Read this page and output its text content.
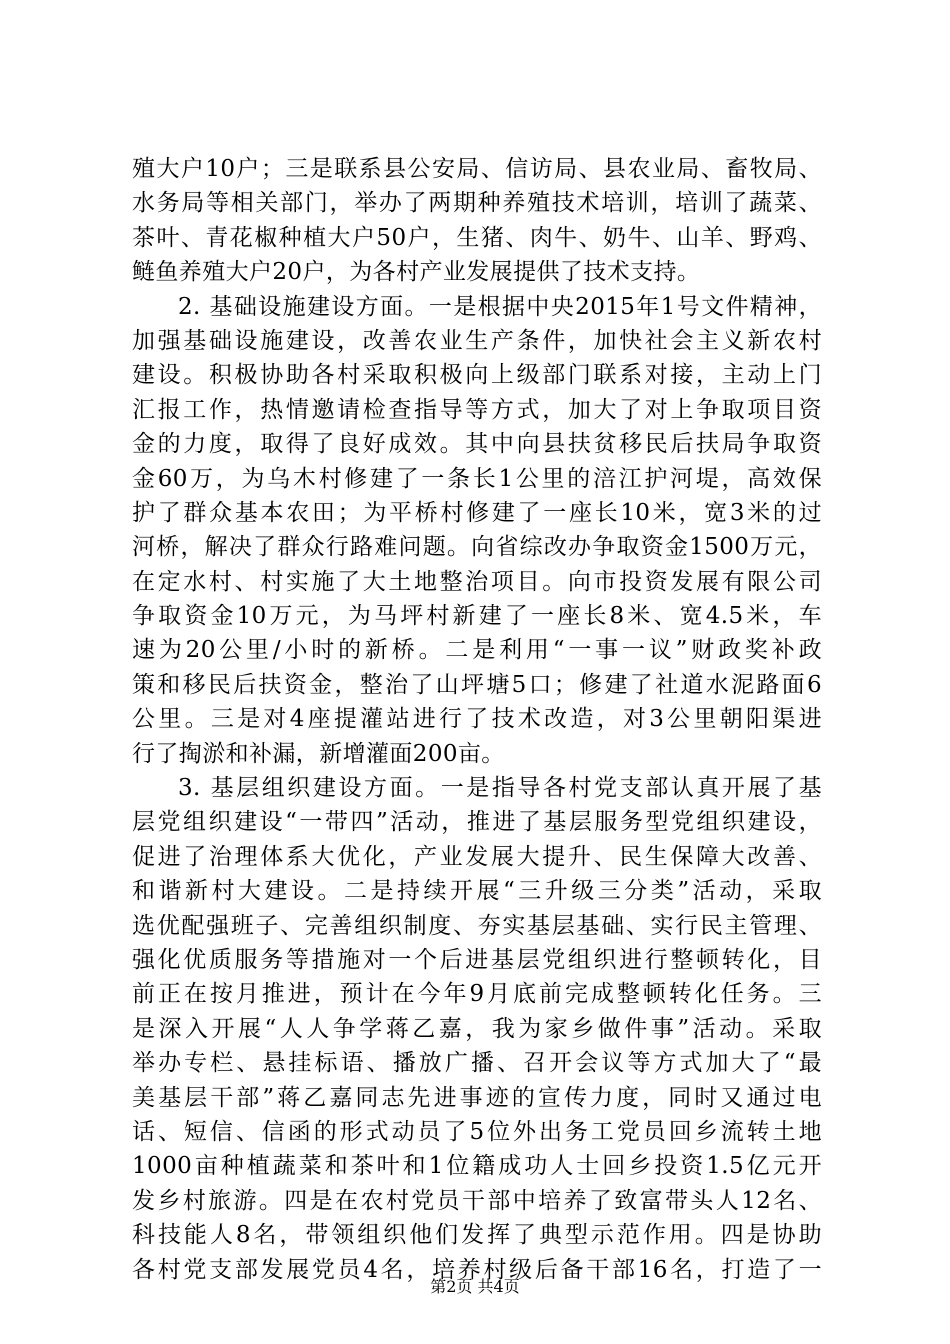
殖大户10户；三是联系县公安局、信访局、县农业局、畜牧局、
水务局等相关部门，举办了两期种养殖技术培训，培训了蔬菜、
茶叶、青花椒种植大户50户，生猪、肉牛、奶牛、山羊、野鸡、
鲢鱼养殖大户20户，为各村产业发展提供了技术支持。
2. 基础设施建设方面。一是根据中央2015年1号文件精神，
加强基础设施建设，改善农业生产条件，加快社会主义新农村
建设。积极协助各村采取积极向上级部门联系对接，主动上门
汇报工作，热情邀请检查指导等方式，加大了对上争取项目资
金的力度，取得了良好成效。其中向县扶贫移民后扶局争取资
金60万，为乌木村修建了一条长1公里的涪江护河堤，高效保
护了群众基本农田；为平桥村修建了一座长10米，宽3米的过
河桥，解决了群众行路难问题。向省综改办争取资金1500万元，
在定水村、村实施了大土地整治项目。向市投资发展有限公司
争取资金10万元，为马坪村新建了一座长8米、宽4.5米，车
速为20公里/小时的新桥。二是利用“一事一议”财政奖补政
策和移民后扶资金，整治了山坪塘5口；修建了社道水泥路面6
公里。三是对4座提灌站进行了技术改造，对3公里朝阳渠进
行了掏淤和补漏，新增灌面200亩。
3. 基层组织建设方面。一是指导各村党支部认真开展了基
层党组织建设“一带四”活动，推进了基层服务型党组织建设，
促进了治理体系大优化，产业发展大提升、民生保障大改善、
和谐新村大建设。二是持续开展“三升级三分类”活动，采取
选优配强班子、完善组织制度、夯实基层基础、实行民主管理、
强化优质服务等措施对一个后进基层党组织进行整顿转化，目
前正在按月推进，预计在今年9月底前完成整顿转化任务。三
是深入开展“人人争学蒋乙嘉，我为家乡做件事”活动。采取
举办专栏、悬挂标语、播放广播、召开会议等方式加大了“最
美基层干部”蒋乙嘉同志先进事迹的宣传力度，同时又通过电
话、短信、信函的形式动员了5位外出务工党员回乡流转土地
1000亩种植蔬菜和茶叶和1位籍成功人士回乡投资1.5亿元开
发乡村旅游。四是在农村党员干部中培养了致富带头人12名、
科技能人8名，带领组织他们发挥了典型示范作用。四是协助
各村党支部发展党员4名，培养村级后备干部16名，打造了一
第2页 共4页
